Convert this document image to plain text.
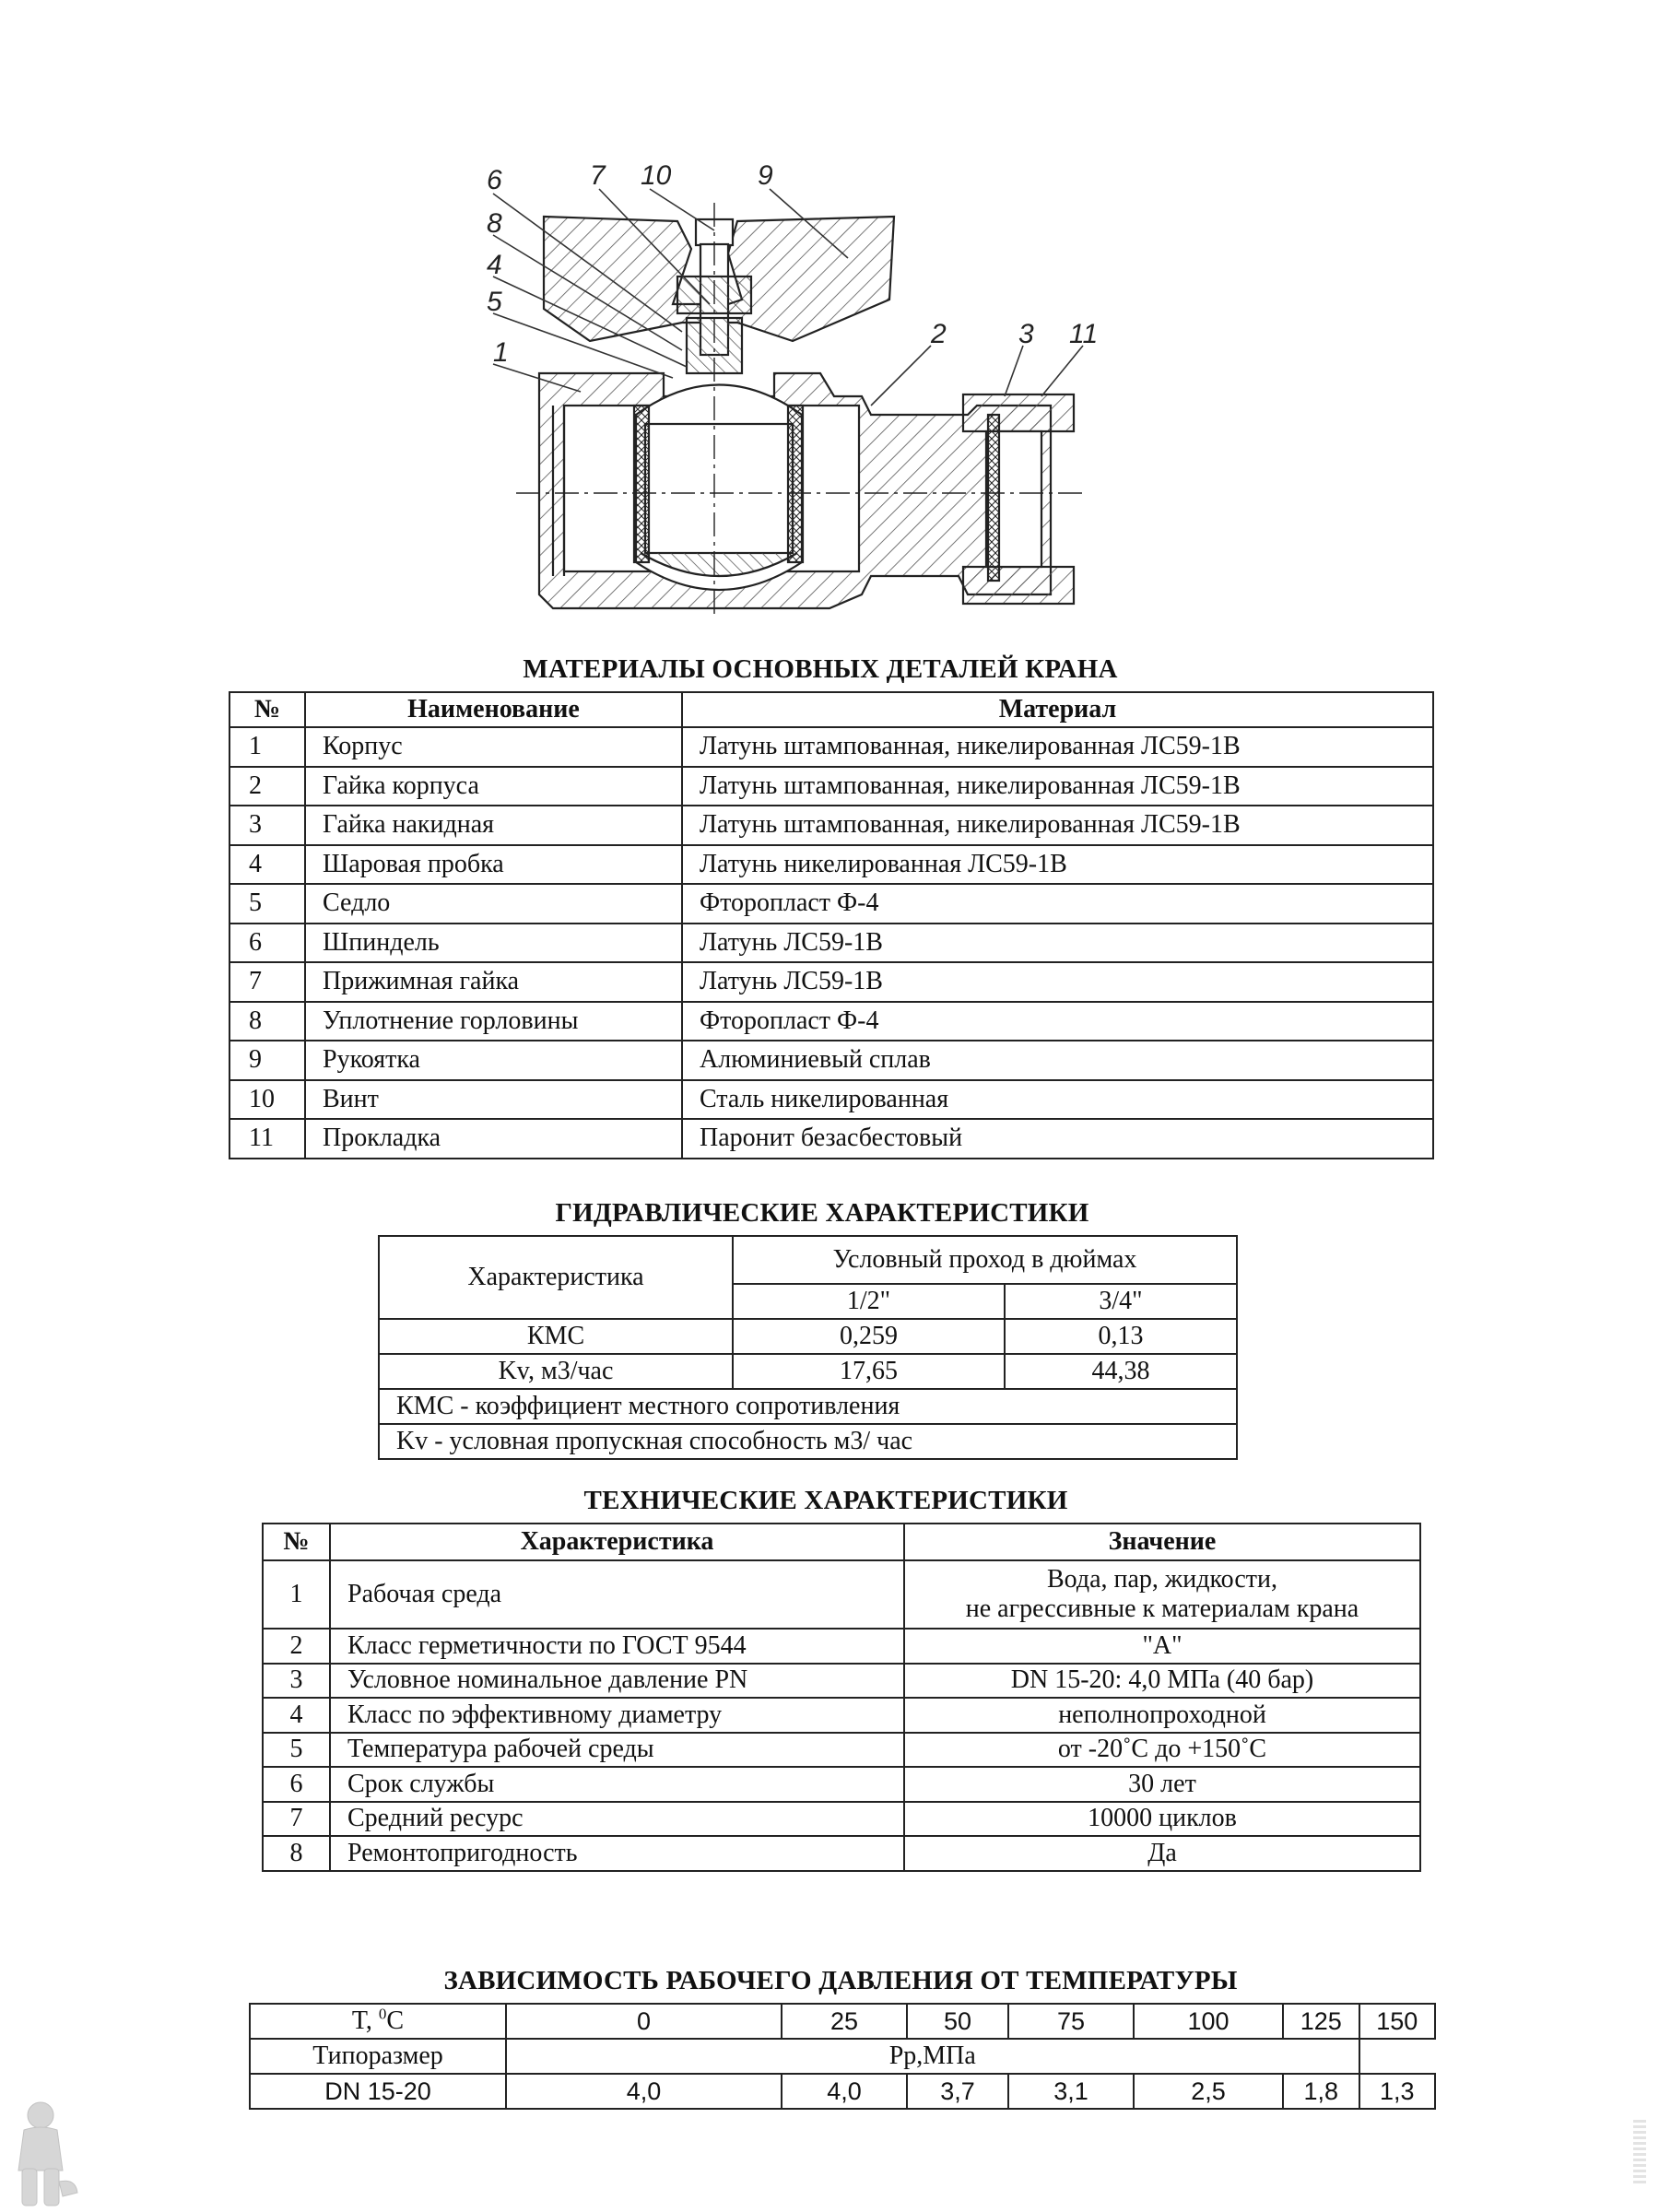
6	7 10	9
8
4
5
1
2	3 11
МАТЕРИАЛЫ ОСНОВНЫХ ДЕТАЛЕЙ КРАНА
№	Наименование	Материал
1	Корпус	Латунь штампованная, никелированная ЛС59-1В
2	Гайка корпуса	Латунь штампованная, никелированная ЛС59-1В
3	Гайка накидная	Латунь штампованная, никелированная ЛС59-1В
4	Шаровая пробка	Латунь никелированная ЛС59-1В
5	Седло	Фторопласт Ф-4
6	Шпиндель	Латунь ЛС59-1В
7	Прижимная гайка	Латунь ЛС59-1В
8	Уплотнение горловины	Фторопласт Ф-4
9	Рукоятка	Алюминиевый сплав
10	Винт	Сталь никелированная
11	Прокладка	Паронит безасбестовый
ГИДРАВЛИЧЕСКИЕ ХАРАКТЕРИСТИКИ
Характеристика	Условный проход в дюймах	
	1/2"	3/4"
КМС	0,259	0,13
Kv, м3/час	17,65	44,38
КМС - коэффициент местного сопротивления		
Kv - условная пропускная способность м3/ час		
ТЕХНИЧЕСКИЕ ХАРАКТЕРИСТИКИ
№	Характеристика	Значение
1	Рабочая среда	Вода, пар, жидкости,
не агрессивные к материалам крана

2	Класс герметичности по ГОСТ 9544	"А"
3	Условное номинальное давление PN	DN 15-20: 4,0 МПа (40 бар)
4	Класс по эффективному диаметру	неполнопроходной
5	Температура рабочей среды	от -20˚С до +150˚С
6	Срок службы	30 лет
7	Средний ресурс	10000 циклов
8	Ремонтопригодность	Да
ЗАВИСИМОСТЬ РАБОЧЕГО ДАВЛЕНИЯ ОТ ТЕМПЕРАТУРЫ
T, $^0$С	0	25	50	75	100	125	150
Типоразмер	Рр,МПа						
DN 15-20	4,0	4,0	3,7	3,1	2,5	1,8	1,3
